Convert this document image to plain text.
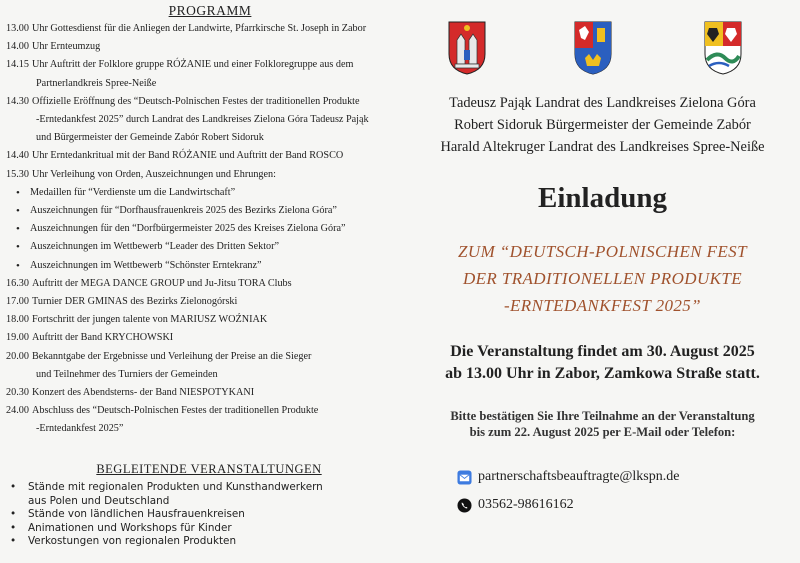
PROGRAMM
13.00 Uhr Gottesdienst für die Anliegen der Landwirte, Pfarrkirsche St. Joseph in Zabor
14.00 Uhr Ernteumzug
14.15 Uhr Auftritt der Folklore gruppe RÓŻANIE und einer Folkloregruppe aus dem
Partnerlandkreis Spree-Neiße
14.30 Offizielle Eröffnung des “Deutsch-Polnischen Festes der traditionellen Produkte
-Erntedankfest 2025” durch Landrat des Landkreises Zielona Góra Tadeusz Pająk
und Bürgermeister der Gemeinde Zabór Robert Sidoruk
14.40 Uhr Erntedankritual mit der Band RÓŻANIE und Auftritt der Band ROSCO
15.30 Uhr Verleihung von Orden, Auszeichnungen und Ehrungen:
• Medaillen für “Verdienste um die Landwirtschaft”
• Auszeichnungen für “Dorfhausfrauenkreis 2025 des Bezirks Zielona Góra”
• Auszeichnungen für den “Dorfbürgermeister 2025 des Kreises Zielona Góra”
• Auszeichnungen im Wettbewerb “Leader des Dritten Sektor”
• Auszeichnungen im Wettbewerb “Schönster Erntekranz”
16.30 Auftritt der MEGA DANCE GROUP und Ju-Jitsu TORA Clubs
17.00 Turnier DER GMINAS des Bezirks Zielonogórski
18.00 Fortschritt der jungen talente von MARIUSZ WOŹNIAK
19.00 Auftritt der Band KRYCHOWSKI
20.00 Bekanntgabe der Ergebnisse und Verleihung der Preise an die Sieger
und Teilnehmer des Turniers der Gemeinden
20.30 Konzert des Abendsterns- der Band NIESPOTYKANI
24.00 Abschluss des “Deutsch-Polnischen Festes der traditionellen Produkte
-Erntedankfest 2025”
BEGLEITENDE VERANSTALTUNGEN
•	Stände mit regionalen Produkten und Kunsthandwerkern
aus Polen und Deutschland
•	Stände von ländlichen Hausfrauenkreisen
•	Animationen und Workshops für Kinder
•	Verkostungen von regionalen Produkten
Tadeusz Pająk Landrat des Landkreises Zielona Góra
Robert Sidoruk Bürgermeister der Gemeinde Zabór
Harald Altekruger Landrat des Landkreises Spree-Neiße
Einladung
ZUM “DEUTSCH-POLNISCHEN FEST
DER TRADITIONELLEN PRODUKTE
-ERNTEDANKFEST 2025”
Die Veranstaltung findet am 30. August 2025
ab 13.00 Uhr in Zabor, Zamkowa Straße statt.
Bitte bestätigen Sie Ihre Teilnahme an der Veranstaltung
bis zum 22. August 2025 per E-Mail oder Telefon:
partnerschaftsbeauftragte@lkspn.de
03562-98616162
